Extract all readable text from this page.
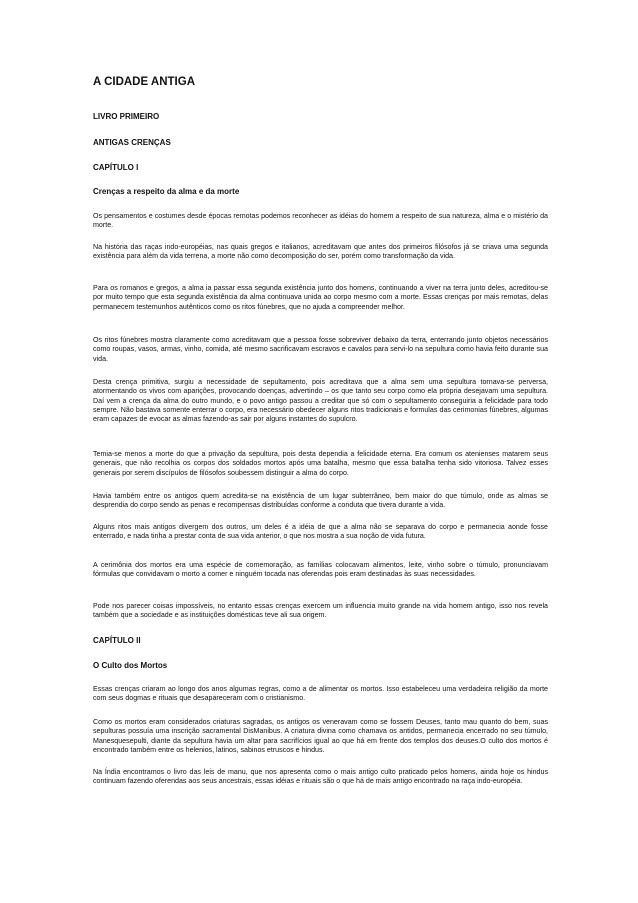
A CIDADE ANTIGA

LIVRO PRIMEIRO

ANTIGAS CRENÇAS

CAPÍTULO I

Crenças a respeito da alma e da morte

Os pensamentos e costumes desde épocas remotas podemos reconhecer as idéias do homem a respeito de sua natureza, alma e o mistério da morte.

Na história das raças indo-européias, nas quais gregos e italianos, acreditavam que antes dos primeiros filósofos já se criava uma segunda existência para além da vida terrena, a morte não como decomposição do ser, porém como transformação da vida.

Para os romanos e gregos, a alma ia passar essa segunda existência junto dos homens, continuando a viver na terra junto deles, acreditou-se por muito tempo que esta segunda existência da alma continuava unida ao corpo mesmo com a morte. Essas crenças por mais remotas, delas permanecem testemunhos autênticos como os ritos fúnebres, que no ajuda a compreender melhor.

Os ritos fúnebres mostra claramente como acreditavam que a pessoa fosse sobreviver debaixo da terra, enterrando junto objetos necessários como roupas, vasos, armas, vinho, comida, até mesmo sacrificavam escravos e cavalos para servi-lo na sepultura como havia feito durante sua vida.

Desta crença primitiva, surgiu a necessidade de sepultamento, pois acreditava que a alma sem uma sepultura tornava-se perversa, atormentando os vivos com aparições, provocando doenças, advertindo – os que tanto seu corpo como ela própria desejavam uma sepultura. Daí vem a crença da alma do outro mundo, e o povo antigo passou a creditar que só com o sepultamento conseguiria a felicidade para todo sempre. Não bastava somente enterrar o corpo, era necessário obedecer alguns ritos tradicionais e formulas das cerimonias fúnebres, algumas eram capazes de evocar as almas fazendo-as sair por alguns instantes do supulcro.

Temia-se menos a morte do que a privação da sepultura, pois desta dependia a felicidade eterna. Era comum os atenienses matarem seus generais, que não recolhia os corpos dos soldados mortos após uma batalha, mesmo que essa batalha tenha sido vitoriosa. Talvez esses generais por serem discípulos de filósofos soubessem distinguir a alma do corpo.

Havia também entre os antigos quem acredita-se na existência de um lugar subterrâneo, bem maior do que túmulo, onde as almas se desprendia do corpo sendo as penas e recompensas distribuídas conforme a conduta que tivera durante a vida.

Alguns ritos mais antigos divergem dos outros, um deles é a idéia de que a alma não se separava do corpo e permanecia aonde fosse enterrado, e nada tinha a prestar conta de sua vida anterior, o que nos mostra a sua noção de vida futura.

A cerimônia dos mortos era uma espécie de comemoração, as famílias colocavam alimentos, leite, vinho sobre o túmulo, pronunciavam fórmulas que convidavam o morto a comer e ninguém tocada nas oferendas pois eram destinadas às suas necessidades.

Pode nos parecer coisas impossíveis, no entanto essas crenças exercem um influencia muito grande na vida homem antigo, isso nos revela também que a sociedade e as instituições domésticas teve ali sua origem.

CAPÍTULO II

O Culto dos Mortos

Essas crenças criaram ao longo dos anos algumas regras, como a de alimentar os mortos. Isso estabeleceu uma verdadeira religião da morte com seus dogmas e rituais que desapareceram com o cristianismo.

Como os mortos eram considerados criaturas sagradas, os antigos os veneravam como se fossem Deuses, tanto mau quanto do bem, suas sepulturas possuía uma inscrição sacramental DisManibus. A criatura divina como chamava os antidos, permanecia encerrado no seu túmulo, Manesquesepulti, diante da sepultura havia um altar para sacrifícios igual ao que há em frente dos templos dos deuses.O culto dos mortos é encontrado também entre os helenios, latinos, sabinos etruscos e hindus.

Na Índia encontramos o livro das leis de manu, que nos apresenta como o mais antigo culto praticado pelos homens, ainda hoje os hindus continuam fazendo oferendas aos seus ancestrais, essas idéias e rituais são o que há de mais antigo encontrado na raça indo-européia.
